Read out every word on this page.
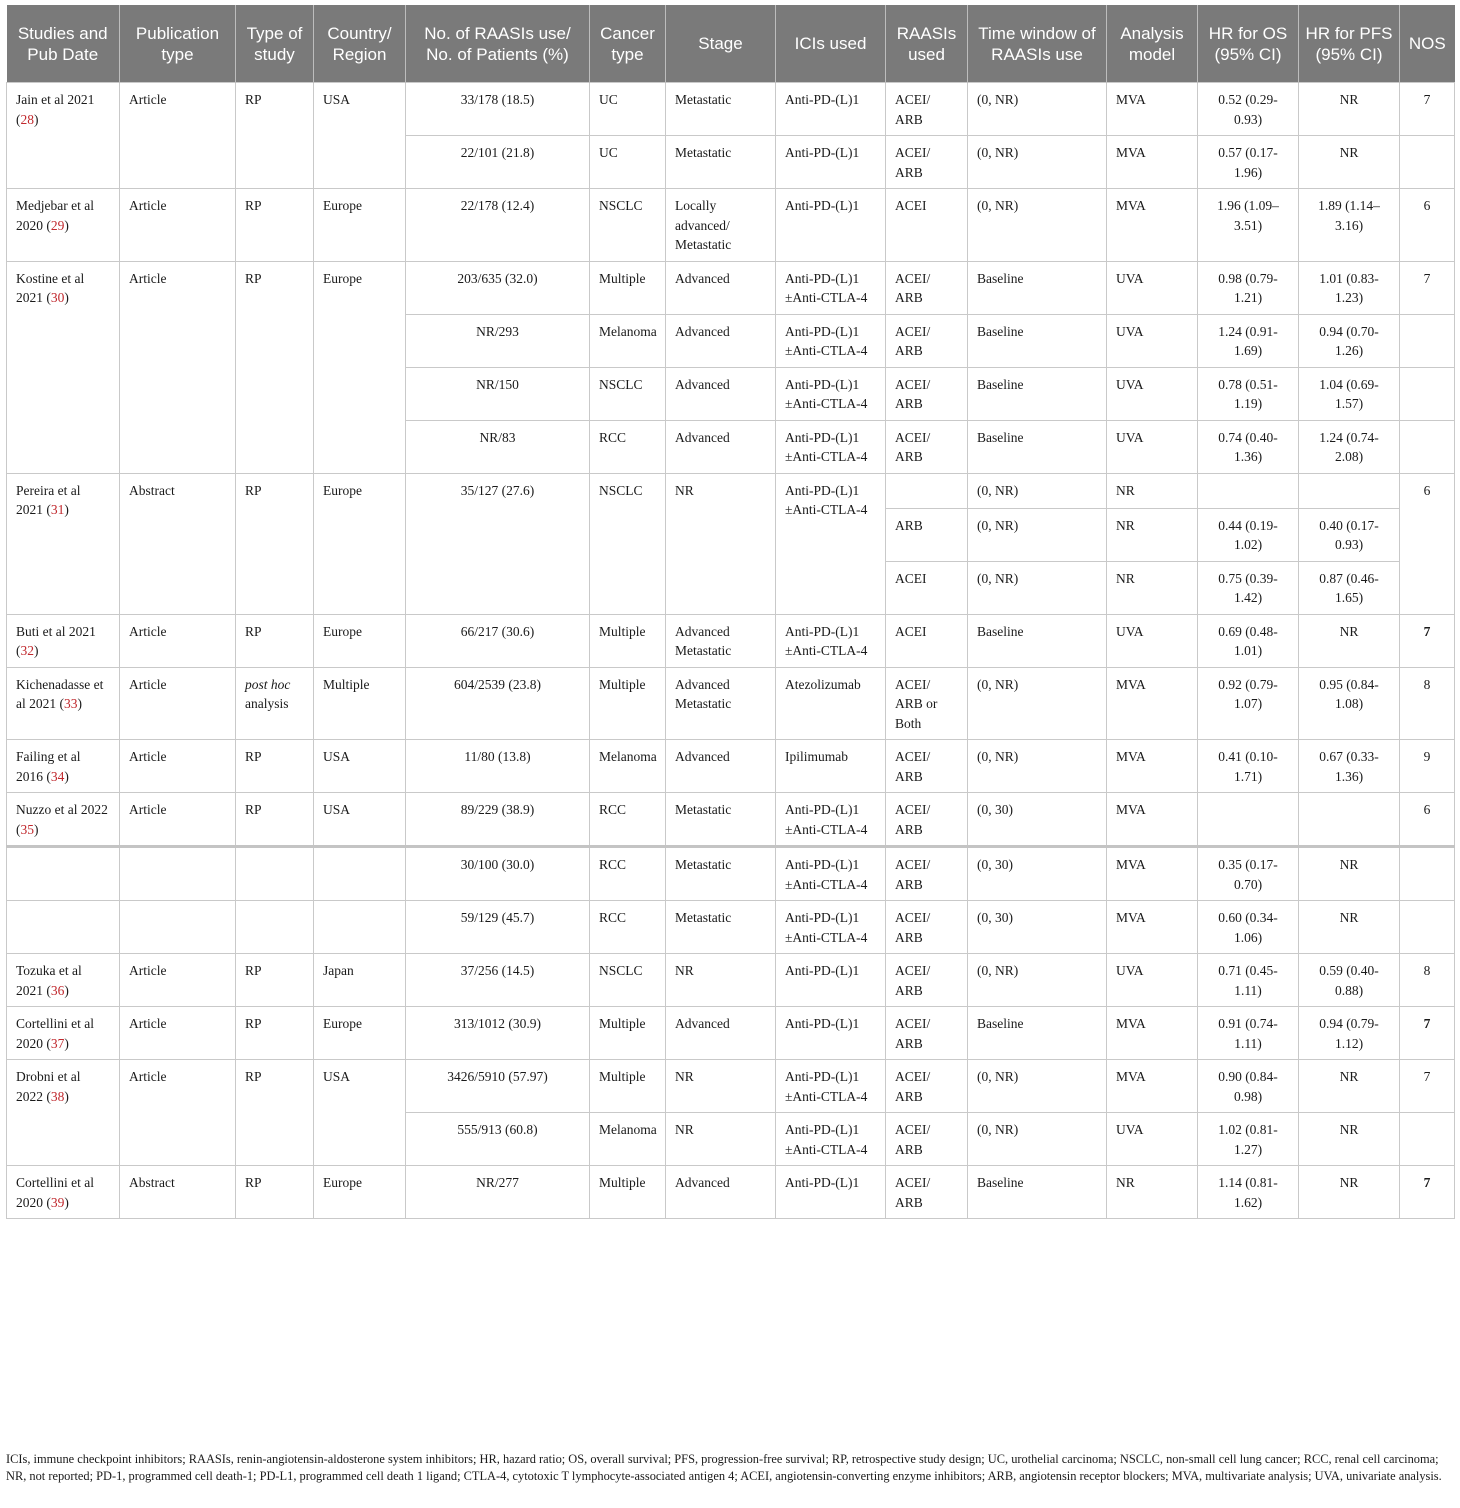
Studies and Pub Date	Publication type	Type of study	Country/ Region	No. of RAASIs use/ No. of Patients (%)	Cancer type	Stage	ICIs used	RAASIs used	Time window of RAASIs use	Analysis model	HR for OS (95% CI)	HR for PFS (95% CI)	NOS
Jain et al 2021 (28)	Article	RP	USA	33/178 (18.5)	UC	Metastatic	Anti-PD-(L)1	ACEI/ ARB	(0, NR)	MVA	0.52 (0.29-0.93)	NR	7
				22/101 (21.8)	UC	Metastatic	Anti-PD-(L)1	ACEI/ ARB	(0, NR)	MVA	0.57 (0.17-1.96)	NR	
Medjebar et al 2020 (29)	Article	RP	Europe	22/178 (12.4)	NSCLC	Locally advanced/ Metastatic	Anti-PD-(L)1	ACEI	(0, NR)	MVA	1.96 (1.09–3.51)	1.89 (1.14–3.16)	6
Kostine et al 2021 (30)	Article	RP	Europe	203/635 (32.0)	Multiple	Advanced	Anti-PD-(L)1 ±Anti-CTLA-4	ACEI/ ARB	Baseline	UVA	0.98 (0.79-1.21)	1.01 (0.83-1.23)	7
				NR/293	Melanoma	Advanced	Anti-PD-(L)1 ±Anti-CTLA-4	ACEI/ ARB	Baseline	UVA	1.24 (0.91-1.69)	0.94 (0.70-1.26)	
				NR/150	NSCLC	Advanced	Anti-PD-(L)1 ±Anti-CTLA-4	ACEI/ ARB	Baseline	UVA	0.78 (0.51-1.19)	1.04 (0.69-1.57)	
				NR/83	RCC	Advanced	Anti-PD-(L)1 ±Anti-CTLA-4	ACEI/ ARB	Baseline	UVA	0.74 (0.40-1.36)	1.24 (0.74-2.08)	
Pereira et al 2021 (31)	Abstract	RP	Europe	35/127 (27.6)	NSCLC	NR	Anti-PD-(L)1 ±Anti-CTLA-4		(0, NR)	NR			6
								ARB	(0, NR)	NR	0.44 (0.19-1.02)	0.40 (0.17-0.93)	
								ACEI	(0, NR)	NR	0.75 (0.39-1.42)	0.87 (0.46-1.65)	
Buti et al 2021 (32)	Article	RP	Europe	66/217 (30.6)	Multiple	Advanced Metastatic	Anti-PD-(L)1 ±Anti-CTLA-4	ACEI	Baseline	UVA	0.69 (0.48-1.01)	NR	7
Kichenadasse et al 2021 (33)	Article	post hoc analysis	Multiple	604/2539 (23.8)	Multiple	Advanced Metastatic	Atezolizumab	ACEI/ ARB or Both	(0, NR)	MVA	0.92 (0.79-1.07)	0.95 (0.84-1.08)	8
Failing et al 2016 (34)	Article	RP	USA	11/80 (13.8)	Melanoma	Advanced	Ipilimumab	ACEI/ ARB	(0, NR)	MVA	0.41 (0.10-1.71)	0.67 (0.33-1.36)	9
Nuzzo et al 2022 (35)	Article	RP	USA	89/229 (38.9)	RCC	Metastatic	Anti-PD-(L)1 ±Anti-CTLA-4	ACEI/ ARB	(0, 30)	MVA			6
				30/100 (30.0)	RCC	Metastatic	Anti-PD-(L)1 ±Anti-CTLA-4	ACEI/ ARB	(0, 30)	MVA	0.35 (0.17-0.70)	NR	
				59/129 (45.7)	RCC	Metastatic	Anti-PD-(L)1 ±Anti-CTLA-4	ACEI/ ARB	(0, 30)	MVA	0.60 (0.34-1.06)	NR	
Tozuka et al 2021 (36)	Article	RP	Japan	37/256 (14.5)	NSCLC	NR	Anti-PD-(L)1	ACEI/ ARB	(0, NR)	UVA	0.71 (0.45-1.11)	0.59 (0.40-0.88)	8
Cortellini et al 2020 (37)	Article	RP	Europe	313/1012 (30.9)	Multiple	Advanced	Anti-PD-(L)1	ACEI/ ARB	Baseline	MVA	0.91 (0.74-1.11)	0.94 (0.79-1.12)	7
Drobni et al 2022 (38)	Article	RP	USA	3426/5910 (57.97)	Multiple	NR	Anti-PD-(L)1 ±Anti-CTLA-4	ACEI/ ARB	(0, NR)	MVA	0.90 (0.84-0.98)	NR	7
				555/913 (60.8)	Melanoma	NR	Anti-PD-(L)1 ±Anti-CTLA-4	ACEI/ ARB	(0, NR)	UVA	1.02 (0.81-1.27)	NR	
Cortellini et al 2020 (39)	Abstract	RP	Europe	NR/277	Multiple	Advanced	Anti-PD-(L)1	ACEI/ ARB	Baseline	NR	1.14 (0.81-1.62)	NR	7

ICIs, immune checkpoint inhibitors; RAASIs, renin-angiotensin-aldosterone system inhibitors; HR, hazard ratio; OS, overall survival; PFS, progression-free survival; RP, retrospective study design; UC, urothelial carcinoma; NSCLC, non-small cell lung cancer; RCC, renal cell carcinoma; NR, not reported; PD-1, programmed cell death-1; PD-L1, programmed cell death 1 ligand; CTLA-4, cytotoxic T lymphocyte-associated antigen 4; ACEI, angiotensin-converting enzyme inhibitors; ARB, angiotensin receptor blockers; MVA, multivariate analysis; UVA, univariate analysis.
